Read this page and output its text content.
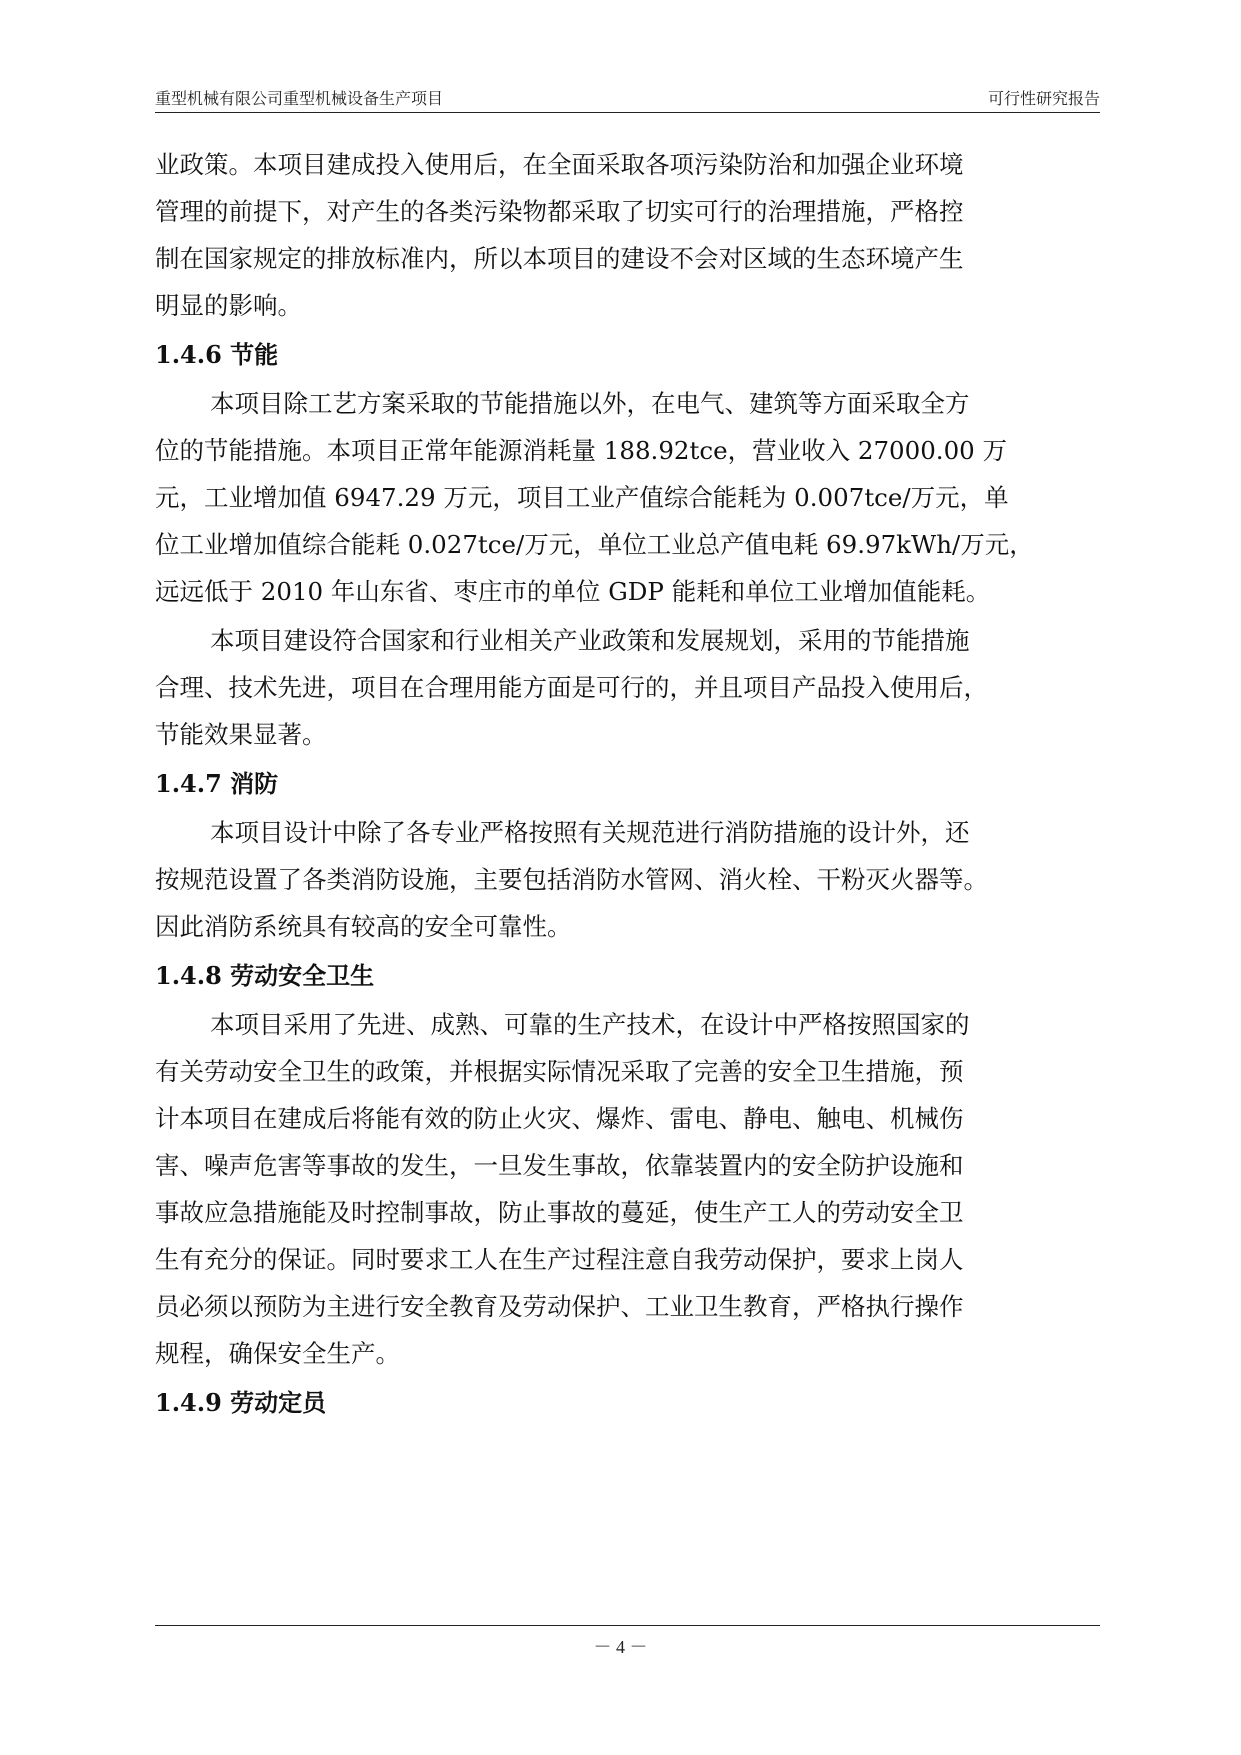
重型机械有限公司重型机械设备生产项目	可行性研究报告
业政策。本项目建成投入使用后，在全面采取各项污染防治和加强企业环境
管理的前提下，对产生的各类污染物都采取了切实可行的治理措施，严格控
制在国家规定的排放标准内，所以本项目的建设不会对区域的生态环境产生
明显的影响。
1.4.6 节能
本项目除工艺方案采取的节能措施以外，在电气、建筑等方面采取全方
位的节能措施。本项目正常年能源消耗量 188.92tce，营业收入 27000.00 万
元，工业增加值 6947.29 万元，项目工业产值综合能耗为 0.007tce/万元，单
位工业增加值综合能耗 0.027tce/万元，单位工业总产值电耗 69.97kWh/万元，
远远低于 2010 年山东省、枣庄市的单位 GDP 能耗和单位工业增加值能耗。
本项目建设符合国家和行业相关产业政策和发展规划，采用的节能措施
合理、技术先进，项目在合理用能方面是可行的，并且项目产品投入使用后，
节能效果显著。
1.4.7 消防
本项目设计中除了各专业严格按照有关规范进行消防措施的设计外，还
按规范设置了各类消防设施，主要包括消防水管网、消火栓、干粉灭火器等。
因此消防系统具有较高的安全可靠性。
1.4.8 劳动安全卫生
本项目采用了先进、成熟、可靠的生产技术，在设计中严格按照国家的
有关劳动安全卫生的政策，并根据实际情况采取了完善的安全卫生措施，预
计本项目在建成后将能有效的防止火灾、爆炸、雷电、静电、触电、机械伤
害、噪声危害等事故的发生，一旦发生事故，依靠装置内的安全防护设施和
事故应急措施能及时控制事故，防止事故的蔓延，使生产工人的劳动安全卫
生有充分的保证。同时要求工人在生产过程注意自我劳动保护，要求上岗人
员必须以预防为主进行安全教育及劳动保护、工业卫生教育，严格执行操作
规程，确保安全生产。
1.4.9 劳动定员
－ 4 －
